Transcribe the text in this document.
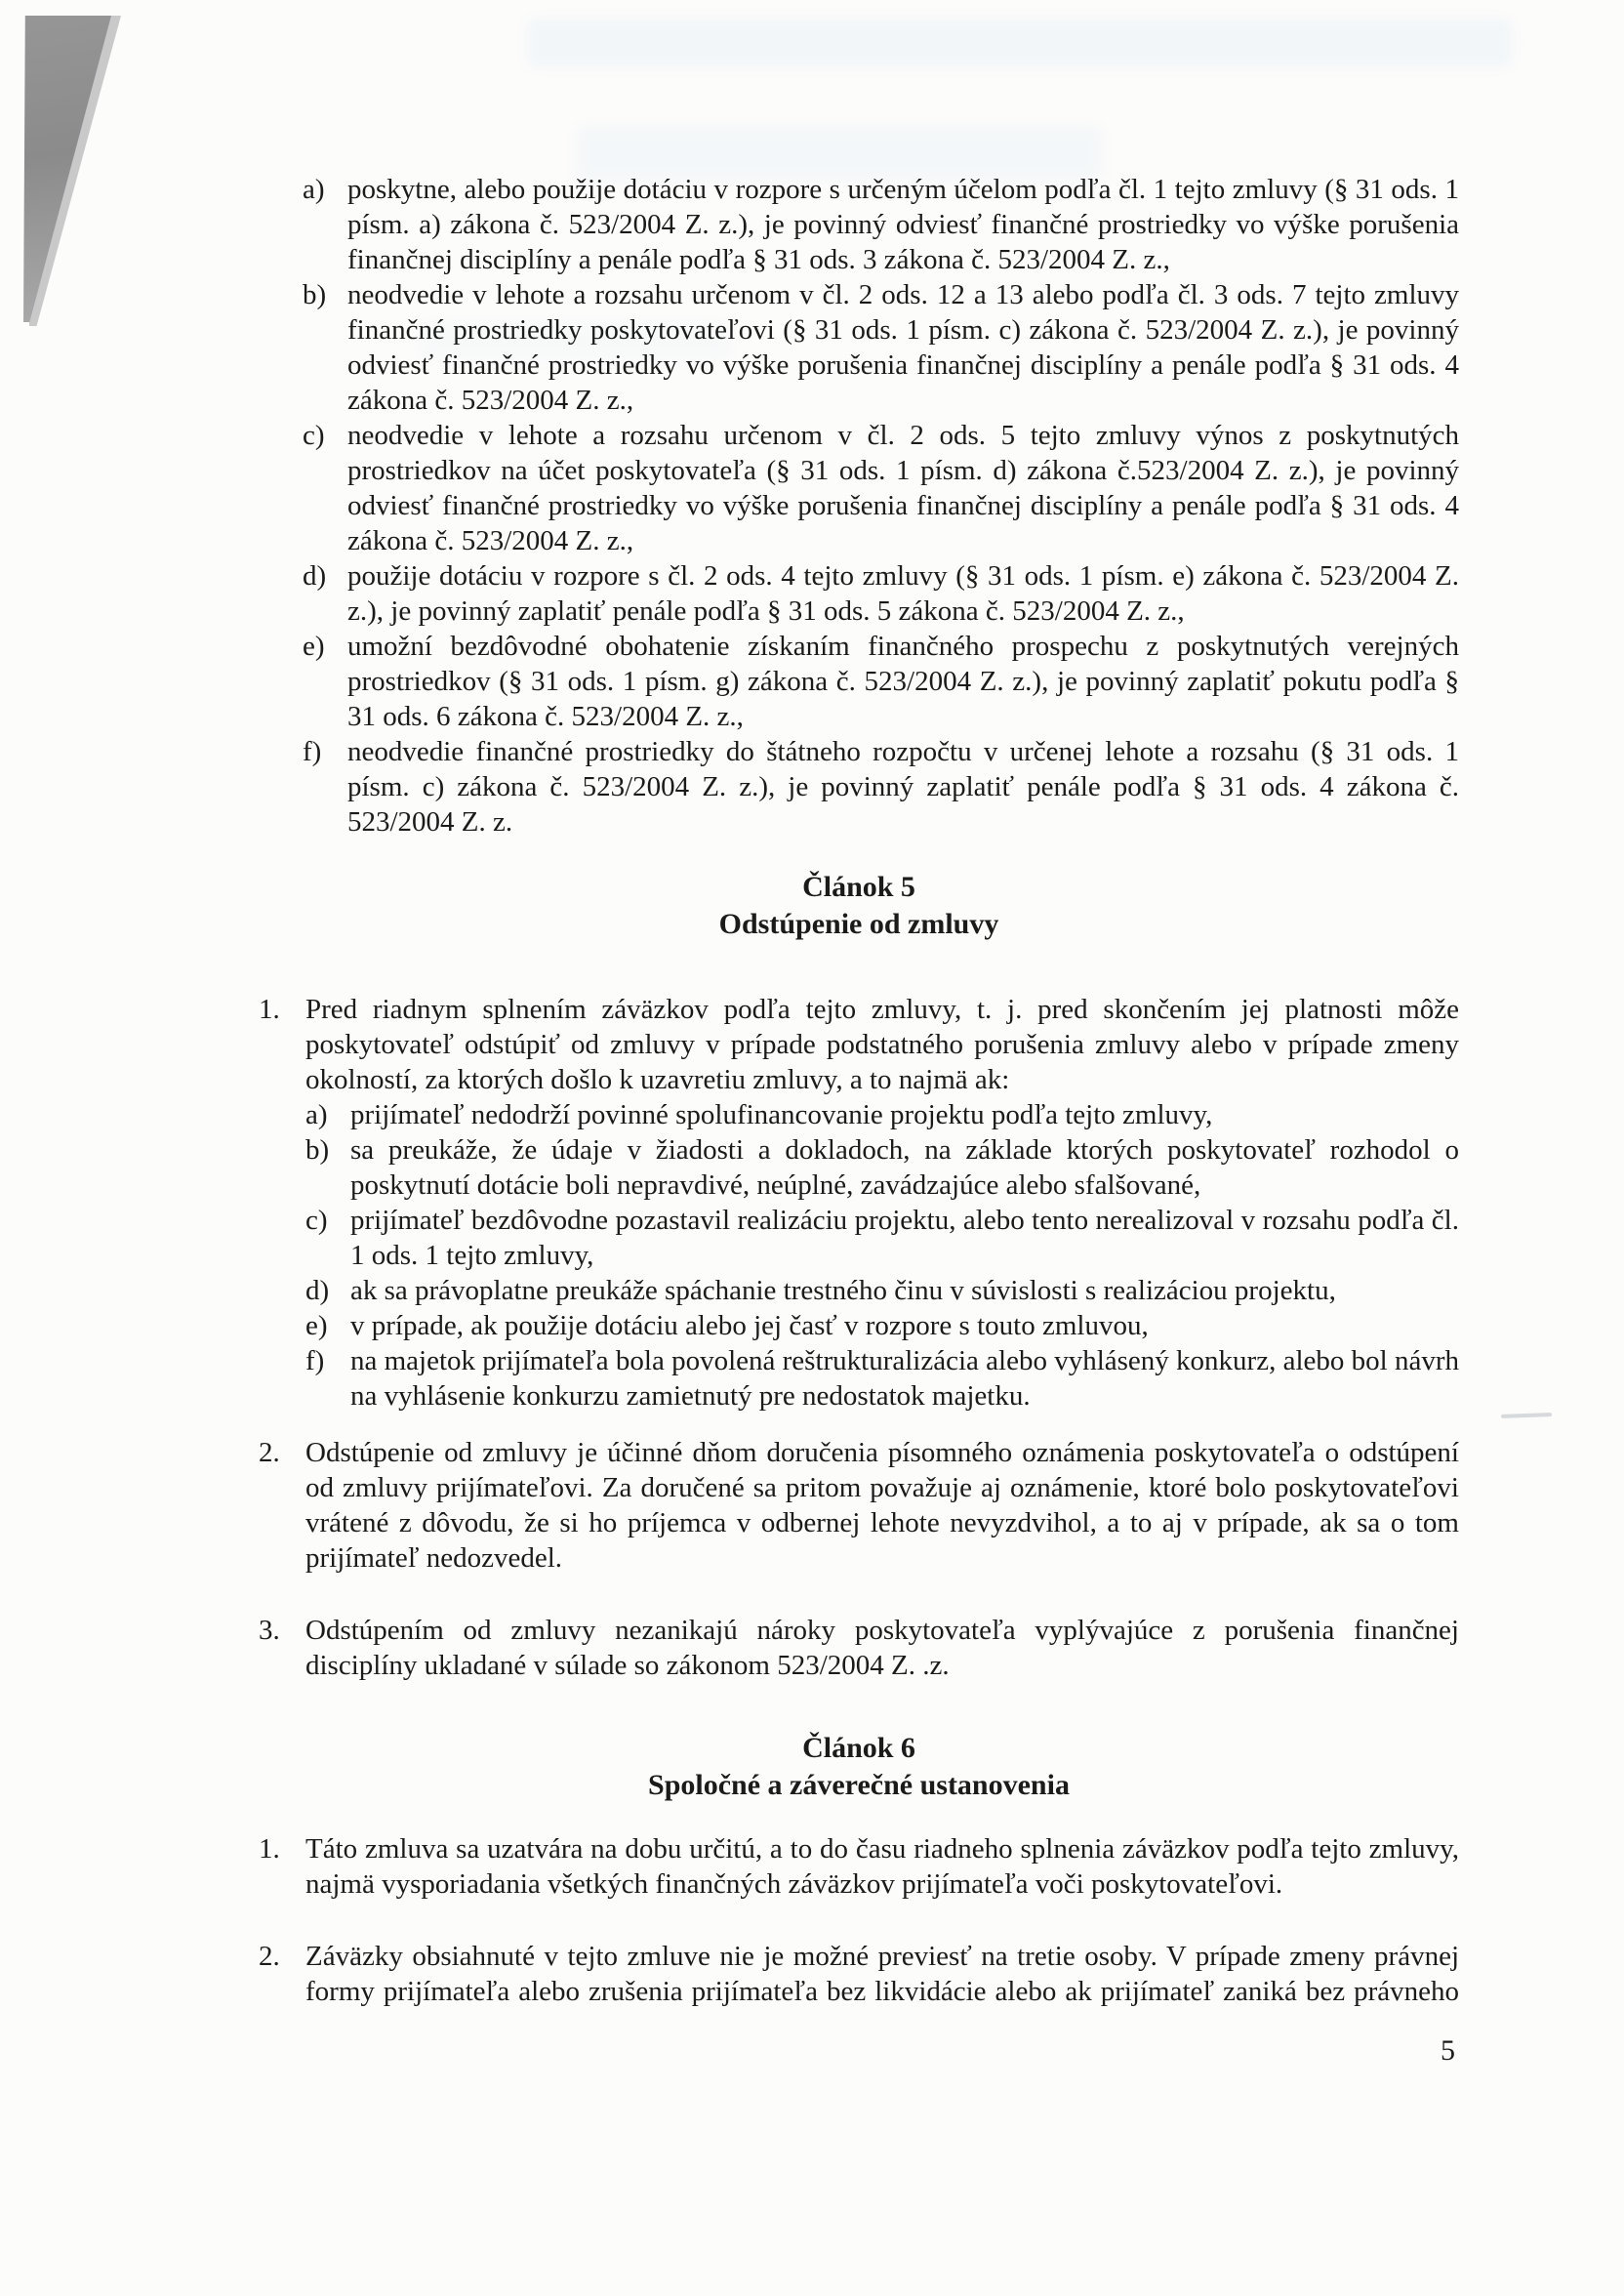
a) poskytne, alebo použije dotáciu v rozpore s určeným účelom podľa čl. 1 tejto zmluvy (§ 31 ods. 1 písm. a) zákona č. 523/2004 Z. z.), je povinný odviesť finančné prostriedky vo výške porušenia finančnej disciplíny a penále podľa § 31 ods. 3 zákona č. 523/2004 Z. z.,
b) neodvedie v lehote a rozsahu určenom v čl. 2 ods. 12 a 13 alebo podľa čl. 3 ods. 7 tejto zmluvy finančné prostriedky poskytovateľovi (§ 31 ods. 1 písm. c) zákona č. 523/2004 Z. z.), je povinný odviesť finančné prostriedky vo výške porušenia finančnej disciplíny a penále podľa § 31 ods. 4 zákona č. 523/2004 Z. z.,
c) neodvedie v lehote a rozsahu určenom v čl. 2 ods. 5 tejto zmluvy výnos z poskytnutých prostriedkov na účet poskytovateľa (§ 31 ods. 1 písm. d) zákona č.523/2004 Z. z.), je povinný odviesť finančné prostriedky vo výške porušenia finančnej disciplíny a penále podľa § 31 ods. 4 zákona č. 523/2004 Z. z.,
d) použije dotáciu v rozpore s čl. 2 ods. 4 tejto zmluvy (§ 31 ods. 1 písm. e) zákona č. 523/2004 Z. z.), je povinný zaplatiť penále podľa § 31 ods. 5 zákona č. 523/2004 Z. z.,
e) umožní bezdôvodné obohatenie získaním finančného prospechu z poskytnutých verejných prostriedkov (§ 31 ods. 1 písm. g) zákona č. 523/2004 Z. z.), je povinný zaplatiť pokutu podľa § 31 ods. 6 zákona č. 523/2004 Z. z.,
f) neodvedie finančné prostriedky do štátneho rozpočtu v určenej lehote a rozsahu (§ 31 ods. 1 písm. c) zákona č. 523/2004 Z. z.), je povinný zaplatiť penále podľa § 31 ods. 4 zákona č. 523/2004 Z. z.
Článok 5
Odstúpenie od zmluvy
1. Pred riadnym splnením záväzkov podľa tejto zmluvy, t. j. pred skončením jej platnosti môže poskytovateľ odstúpiť od zmluvy v prípade podstatného porušenia zmluvy alebo v prípade zmeny okolností, za ktorých došlo k uzavretiu zmluvy, a to najmä ak:
a) prijímateľ nedodrží povinné spolufinancovanie projektu podľa tejto zmluvy,
b) sa preukáže, že údaje v žiadosti a dokladoch, na základe ktorých poskytovateľ rozhodol o poskytnutí dotácie boli nepravdivé, neúplné, zavádzajúce alebo sfalšované,
c) prijímateľ bezdôvodne pozastavil realizáciu projektu, alebo tento nerealizoval v rozsahu podľa čl. 1 ods. 1 tejto zmluvy,
d) ak sa právoplatne preukáže spáchanie trestného činu v súvislosti s realizáciou projektu,
e) v prípade, ak použije dotáciu alebo jej časť v rozpore s touto zmluvou,
f) na majetok prijímateľa bola povolená reštrukturalizácia alebo vyhlásený konkurz, alebo bol návrh na vyhlásenie konkurzu zamietnutý pre nedostatok majetku.
2. Odstúpenie od zmluvy je účinné dňom doručenia písomného oznámenia poskytovateľa o odstúpení od zmluvy prijímateľovi. Za doručené sa pritom považuje aj oznámenie, ktoré bolo poskytovateľovi vrátené z dôvodu, že si ho príjemca v odbernej lehote nevyzdvihol, a to aj v prípade, ak sa o tom prijímateľ nedozvedel.
3. Odstúpením od zmluvy nezanikajú nároky poskytovateľa vyplývajúce z porušenia finančnej disciplíny ukladané v súlade so zákonom 523/2004 Z. .z.
Článok 6
Spoločné a záverečné ustanovenia
1. Táto zmluva sa uzatvára na dobu určitú, a to do času riadneho splnenia záväzkov podľa tejto zmluvy, najmä vysporiadania všetkých finančných záväzkov prijímateľa voči poskytovateľovi.
2. Záväzky obsiahnuté v tejto zmluve nie je možné previesť na tretie osoby. V prípade zmeny právnej formy prijímateľa alebo zrušenia prijímateľa bez likvidácie alebo ak prijímateľ zaniká bez právneho
5
